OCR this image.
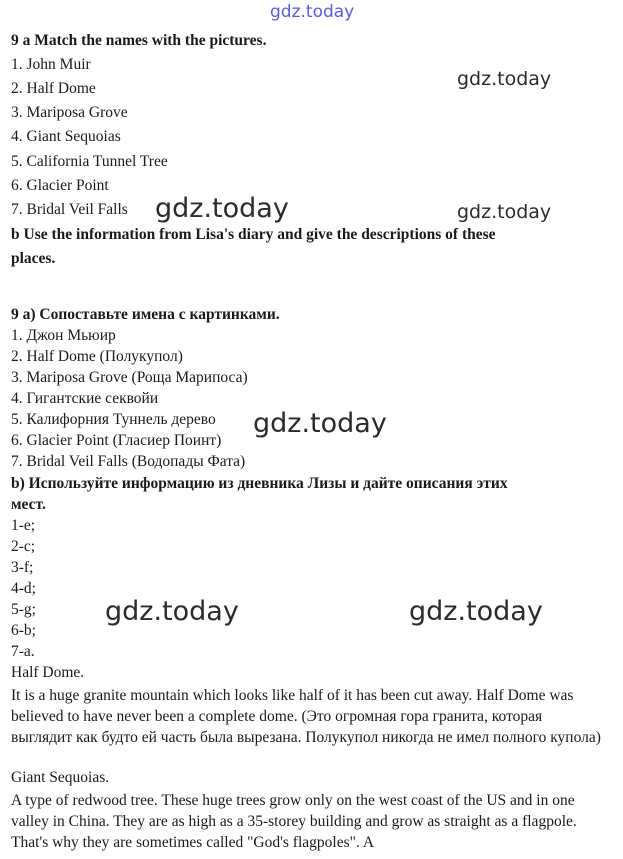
gdz.today
gdz.today
gdz.today	gdz.today
gdz.today
gdz.today	gdz.today
9 a Match the names with the pictures.
1. John Muir
2. Half Dome
3. Mariposa Grove
4. Giant Sequoias
5. California Tunnel Tree
6. Glacier Point
7. Bridal Veil Falls
b Use the information from Lisa's diary and give the descriptions of these
places.
9 a) Сопоставьте имена с картинками.
1. Джон Мьюир
2. Half Dome (Полукупол)
3. Mariposa Grove (Роща Марипоса)
4. Гигантские секвойи
5. Калифорния Туннель дерево
6. Glacier Point (Гласиер Поинт)
7. Bridal Veil Falls (Водопады Фата)
b) Используйте информацию из дневника Лизы и дайте описания этих
мест.
1-e;
2-c;
3-f;
4-d;
5-g;
6-b;
7-a.
Half Dome.
It is a huge granite mountain which looks like half of it has been cut away. Half Dome was believed to have never been a complete dome. (Это огромная гора гранита, которая выглядит как будто ей часть была вырезана. Полукупол никогда не имел полного купола)
Giant Sequoias.
A type of redwood tree. These huge trees grow only on the west coast of the US and in one valley in China. They are as high as a 35-storey building and grow as straight as a flagpole. That's why they are sometimes called "God's flagpoles". A
